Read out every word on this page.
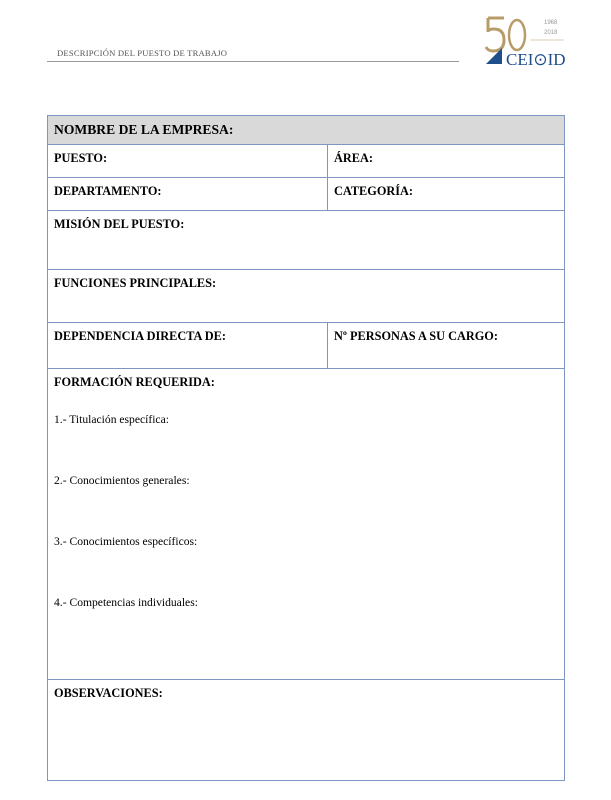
DESCRIPCIÓN DEL PUESTO DE TRABAJO
1968
2018
CEI⊙ID
NOMBRE DE LA EMPRESA:	
PUESTO:	ÁREA:
DEPARTAMENTO:	CATEGORÍA:
MISIÓN DEL PUESTO:	
FUNCIONES PRINCIPALES:	
DEPENDENCIA DIRECTA DE:	Nº PERSONAS A SU CARGO:
FORMACIÓN REQUERIDA:
1.- Titulación específica:
2.- Conocimientos generales:
3.- Conocimientos específicos:
4.- Competencias individuales:	

OBSERVACIONES:	
